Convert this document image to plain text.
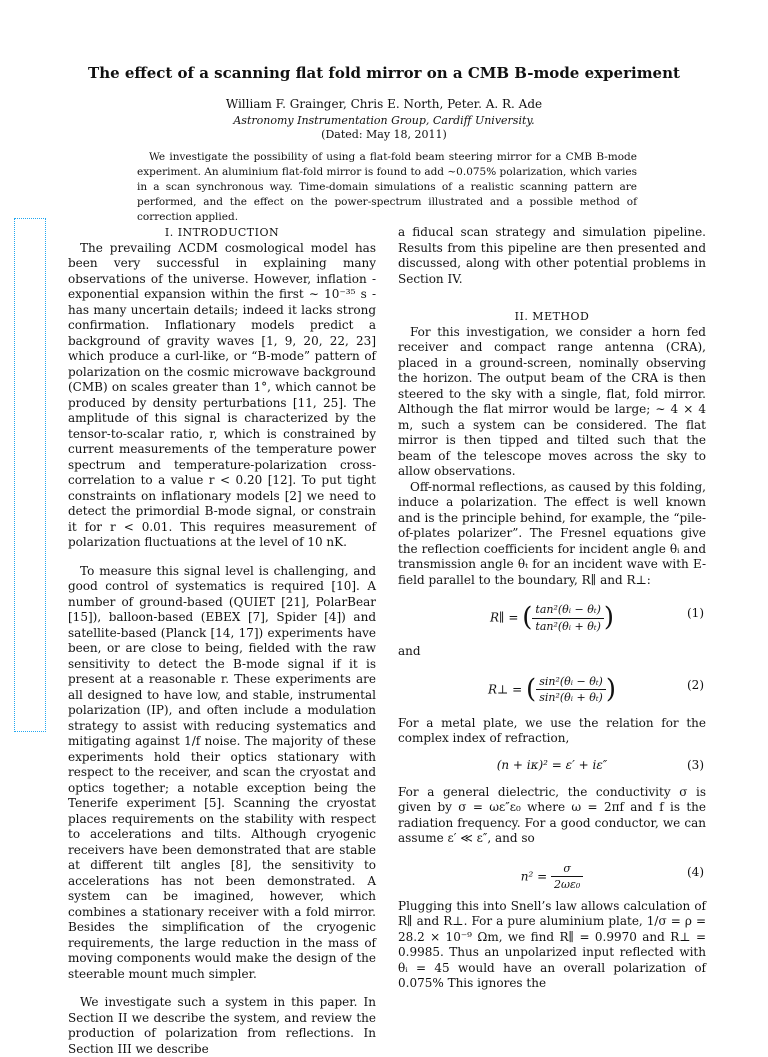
The effect of a scanning flat fold mirror on a CMB B-mode experiment
William F. Grainger, Chris E. North, Peter. A. R. Ade
Astronomy Instrumentation Group, Cardiff University.
(Dated: May 18, 2011)
We investigate the possibility of using a flat-fold beam steering mirror for a CMB B-mode experiment. An aluminium flat-fold mirror is found to add ∼0.075% polarization, which varies in a scan synchronous way. Time-domain simulations of a realistic scanning pattern are performed, and the effect on the power-spectrum illustrated and a possible method of correction applied.

I. INTRODUCTION

The prevailing ΛCDM cosmological model has been very successful in explaining many observations of the universe. However, inflation - exponential expansion within the first ∼ 10⁻³⁵ s - has many uncertain details; indeed it lacks strong confirmation. Inflationary models predict a background of gravity waves [1, 9, 20, 22, 23] which produce a curl-like, or “B-mode” pattern of polarization on the cosmic microwave background (CMB) on scales greater than 1°, which cannot be produced by density perturbations [11, 25]. The amplitude of this signal is characterized by the tensor-to-scalar ratio, r, which is constrained by current measurements of the temperature power spectrum and temperature-polarization cross-correlation to a value r < 0.20 [12]. To put tight constraints on inflationary models [2] we need to detect the primordial B-mode signal, or constrain it for r < 0.01. This requires measurement of polarization fluctuations at the level of 10 nK.

To measure this signal level is challenging, and good control of systematics is required [10]. A number of ground-based (QUIET [21], PolarBear [15]), balloon-based (EBEX [7], Spider [4]) and satellite-based (Planck [14, 17]) experiments have been, or are close to being, fielded with the raw sensitivity to detect the B-mode signal if it is present at a reasonable r. These experiments are all designed to have low, and stable, instrumental polarization (IP), and often include a modulation strategy to assist with reducing systematics and mitigating against 1/f noise. The majority of these experiments hold their optics stationary with respect to the receiver, and scan the cryostat and optics together; a notable exception being the Tenerife experiment [5]. Scanning the cryostat places requirements on the stability with respect to accelerations and tilts. Although cryogenic receivers have been demonstrated that are stable at different tilt angles [8], the sensitivity to accelerations has not been demonstrated. A system can be imagined, however, which combines a stationary receiver with a fold mirror. Besides the simplification of the cryogenic requirements, the large reduction in the mass of moving components would make the design of the steerable mount much simpler.

We investigate such a system in this paper. In Section II we describe the system, and review the production of polarization from reflections. In Section III we describe

a fiducal scan strategy and simulation pipeline. Results from this pipeline are then presented and discussed, along with other potential problems in Section IV.

II. METHOD

For this investigation, we consider a horn fed receiver and compact range antenna (CRA), placed in a ground-screen, nominally observing the horizon. The output beam of the CRA is then steered to the sky with a single, flat, fold mirror. Although the flat mirror would be large; ∼ 4 × 4 m, such a system can be considered. The flat mirror is then tipped and tilted such that the beam of the telescope moves across the sky to allow observations.

Off-normal reflections, as caused by this folding, induce a polarization. The effect is well known and is the principle behind, for example, the “pile-of-plates polarizer”. The Fresnel equations give the reflection coefficients for incident angle θᵢ and transmission angle θₜ for an incident wave with E-field parallel to the boundary, R∥ and R⊥:

R∥ = ( $\frac{\text{tan²(θᵢ − θₜ)}}{\text{tan²(θᵢ + θₜ)}}$ )	(1)

and

R⊥ = ( $\frac{\text{sin²(θᵢ − θₜ)}}{\text{sin²(θᵢ + θₜ)}}$ )	(2)

For a metal plate, we use the relation for the complex index of refraction,

(n + iκ)² = ε′ + iε″	(3)

For a general dielectric, the conductivity σ is given by σ = ωε″ε₀ where ω = 2πf and f is the radiation frequency. For a good conductor, we can assume ε′ ≪ ε″, and so

$n^2 = \frac{\sigma}{\text{2ωε₀}}$	(4)

Plugging this into Snell’s law allows calculation of R∥ and R⊥. For a pure aluminium plate, 1/σ = ρ = 28.2 × 10⁻⁹ Ωm, we find R∥ = 0.9970 and R⊥ = 0.9985. Thus an unpolarized input reflected with θᵢ = 45 would have an overall polarization of 0.075% This ignores the
